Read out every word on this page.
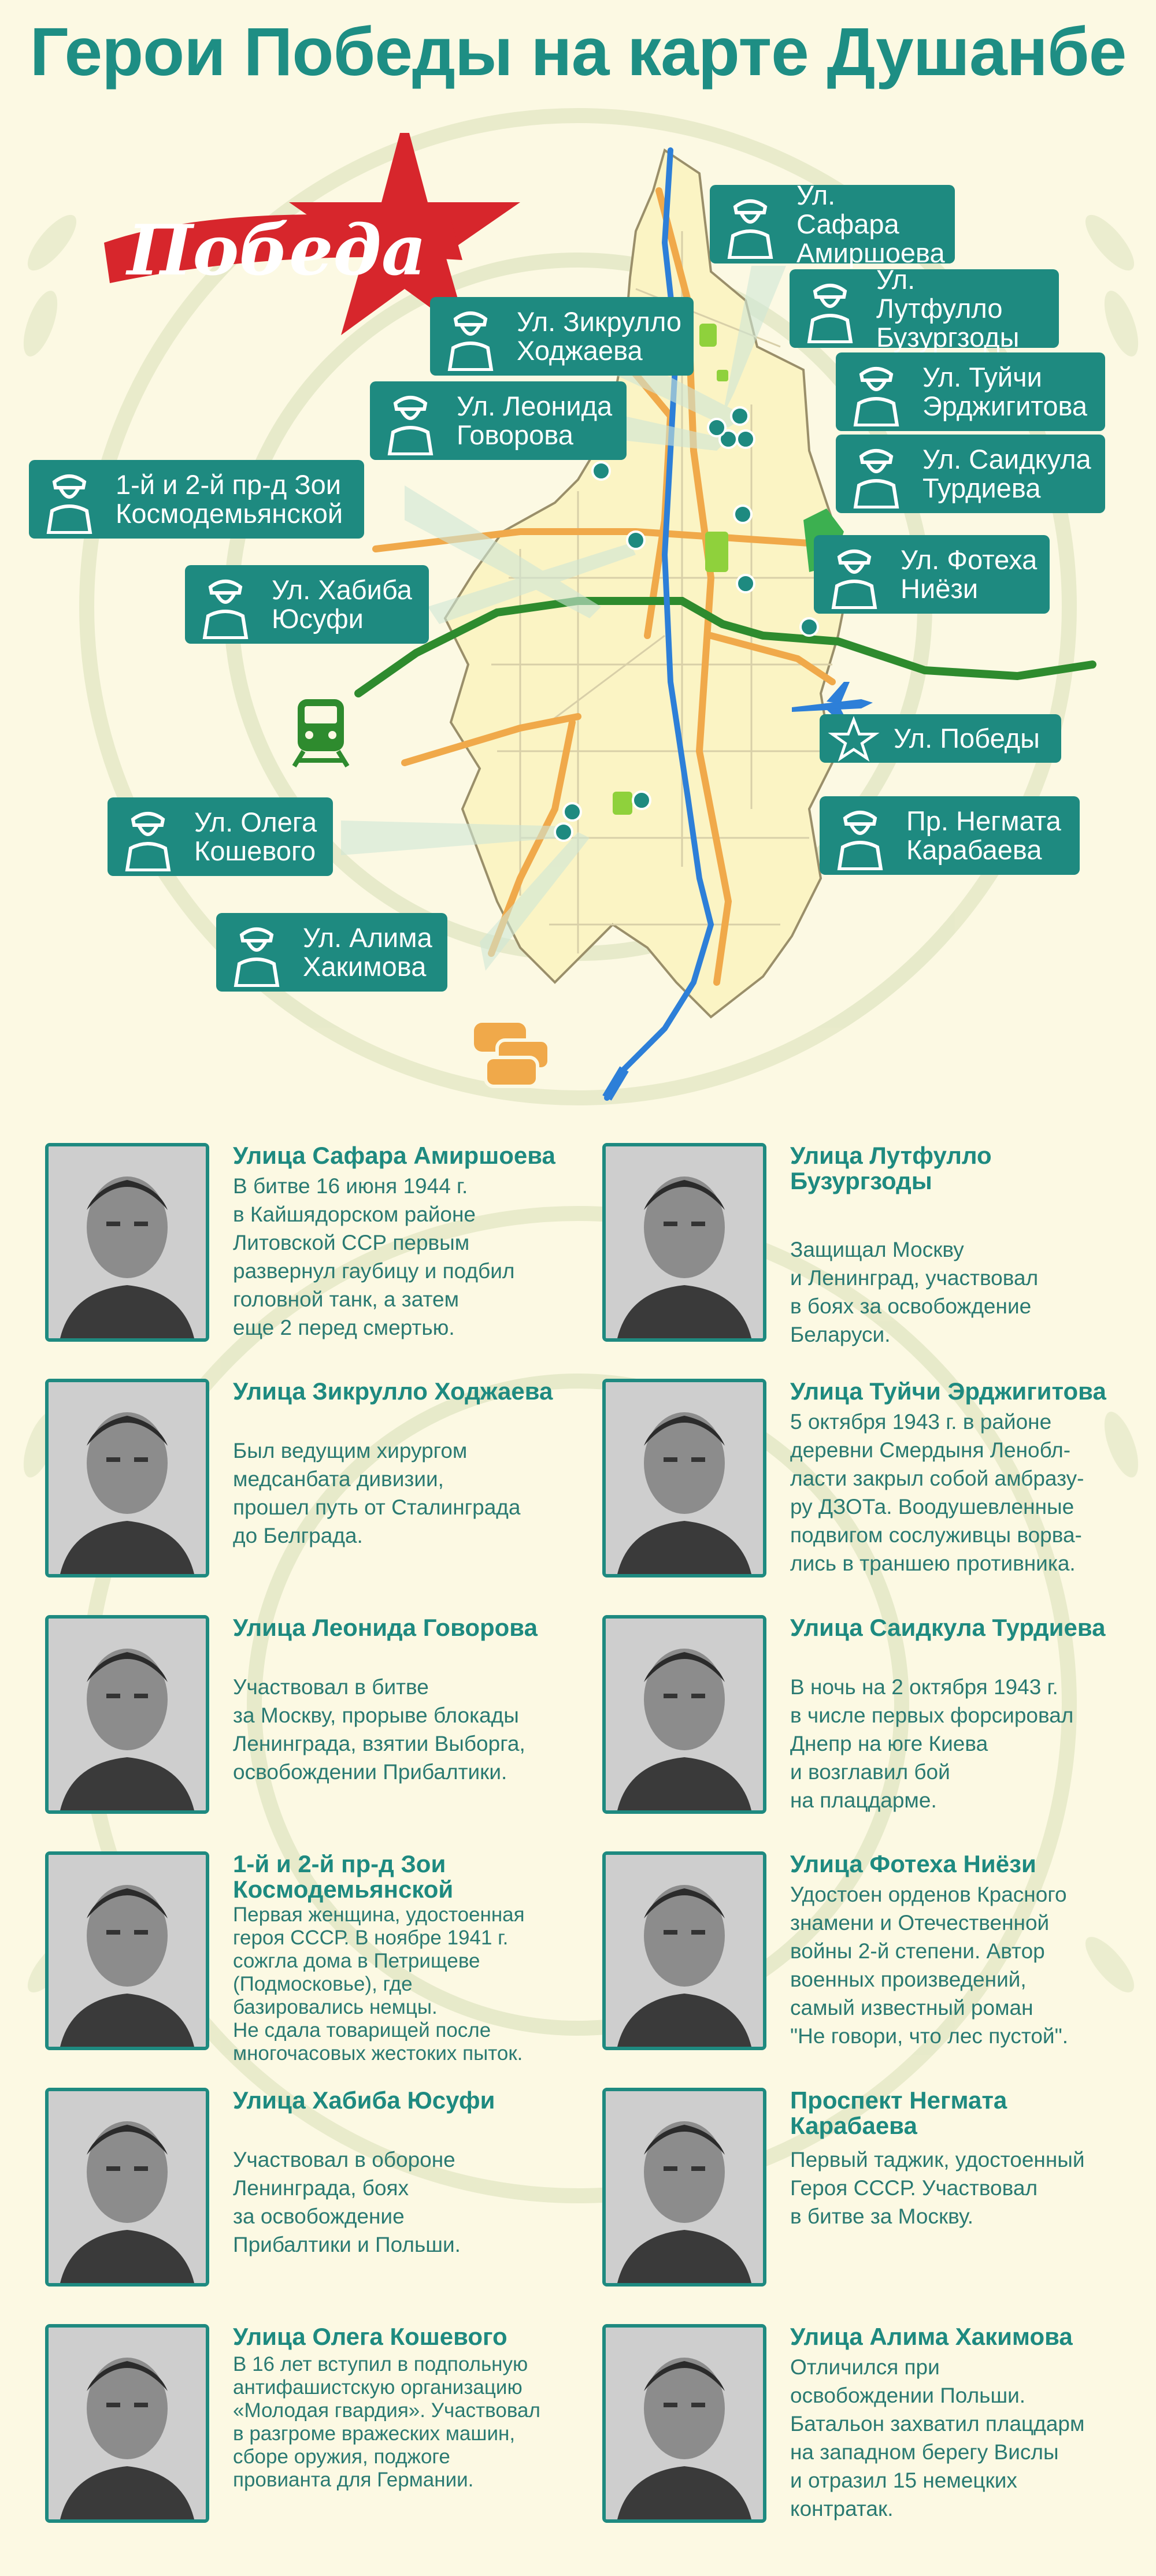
Герои Победы на карте Душанбе
Победа
Ул. Сафара
Амиршоева
Ул. Лутфулло
Бузургзоды
Ул. Зикрулло
Ходжаева
Ул. Туйчи
Эрджигитова
Ул. Леонида
Говорова
Ул. Саидкула
Турдиева
1-й и 2-й пр-д Зои
Космодемьянской
Ул. Фотеха
Ниёзи
Ул. Хабиба
Юсуфи
Ул. Победы
Ул. Олега
Кошевого
Пр. Негмата
Карабаева
Ул. Алима
Хакимова
Улица Сафара Амиршоева
В битве 16 июня 1944 г.
в Кайшядорском районе
Литовской ССР первым
развернул гаубицу и подбил
головной танк, а затем
еще 2 перед смертью.
Улица Лутфулло
Бузургзоды
Защищал Москву
и Ленинград, участвовал
в боях за освобождение
Беларуси.
Улица Зикрулло Ходжаева
Был ведущим хирургом
медсанбата дивизии,
прошел путь от Сталинграда
до Белграда.
Улица Туйчи Эрджигитова
5 октября 1943 г. в районе
деревни Смердыня Ленобл-
ласти закрыл собой амбразу-
ру ДЗОТа. Воодушевленные
подвигом сослуживцы ворва-
лись в траншею противника.
Улица Леонида Говорова
Участвовал в битве
за Москву, прорыве блокады
Ленинграда, взятии Выборга,
освобождении Прибалтики.
Улица Саидкула Турдиева
В ночь на 2 октября 1943 г.
в числе первых форсировал
Днепр на юге Киева
и возглавил бой
на плацдарме.
1-й и 2-й пр-д Зои
Космодемьянской
Первая женщина, удостоенная
героя СССР. В ноябре 1941 г.
сожгла дома в Петрищеве
(Подмосковье), где
базировались немцы.
Не сдала товарищей после
многочасовых жестоких пыток.
Улица Фотеха Ниёзи
Удостоен орденов Красного
знамени и Отечественной
войны 2-й степени. Автор
военных произведений,
самый известный роман
"Не говори, что лес пустой".
Улица Хабиба Юсуфи
Участвовал в обороне
Ленинграда, боях
за освобождение
Прибалтики и Польши.
Проспект Негмата
Карабаева
Первый таджик, удостоенный
Героя СССР. Участвовал
в битве за Москву.
Улица Олега Кошевого
В 16 лет вступил в подпольную
антифашистскую организацию
«Молодая гвардия». Участвовал
в разгроме вражеских машин,
сборе оружия, поджоге
провианта для Германии.
Улица Алима Хакимова
Отличился при
освобождении Польши.
Батальон захватил плацдарм
на западном берегу Вислы
и отразил 15 немецких
контратак.
